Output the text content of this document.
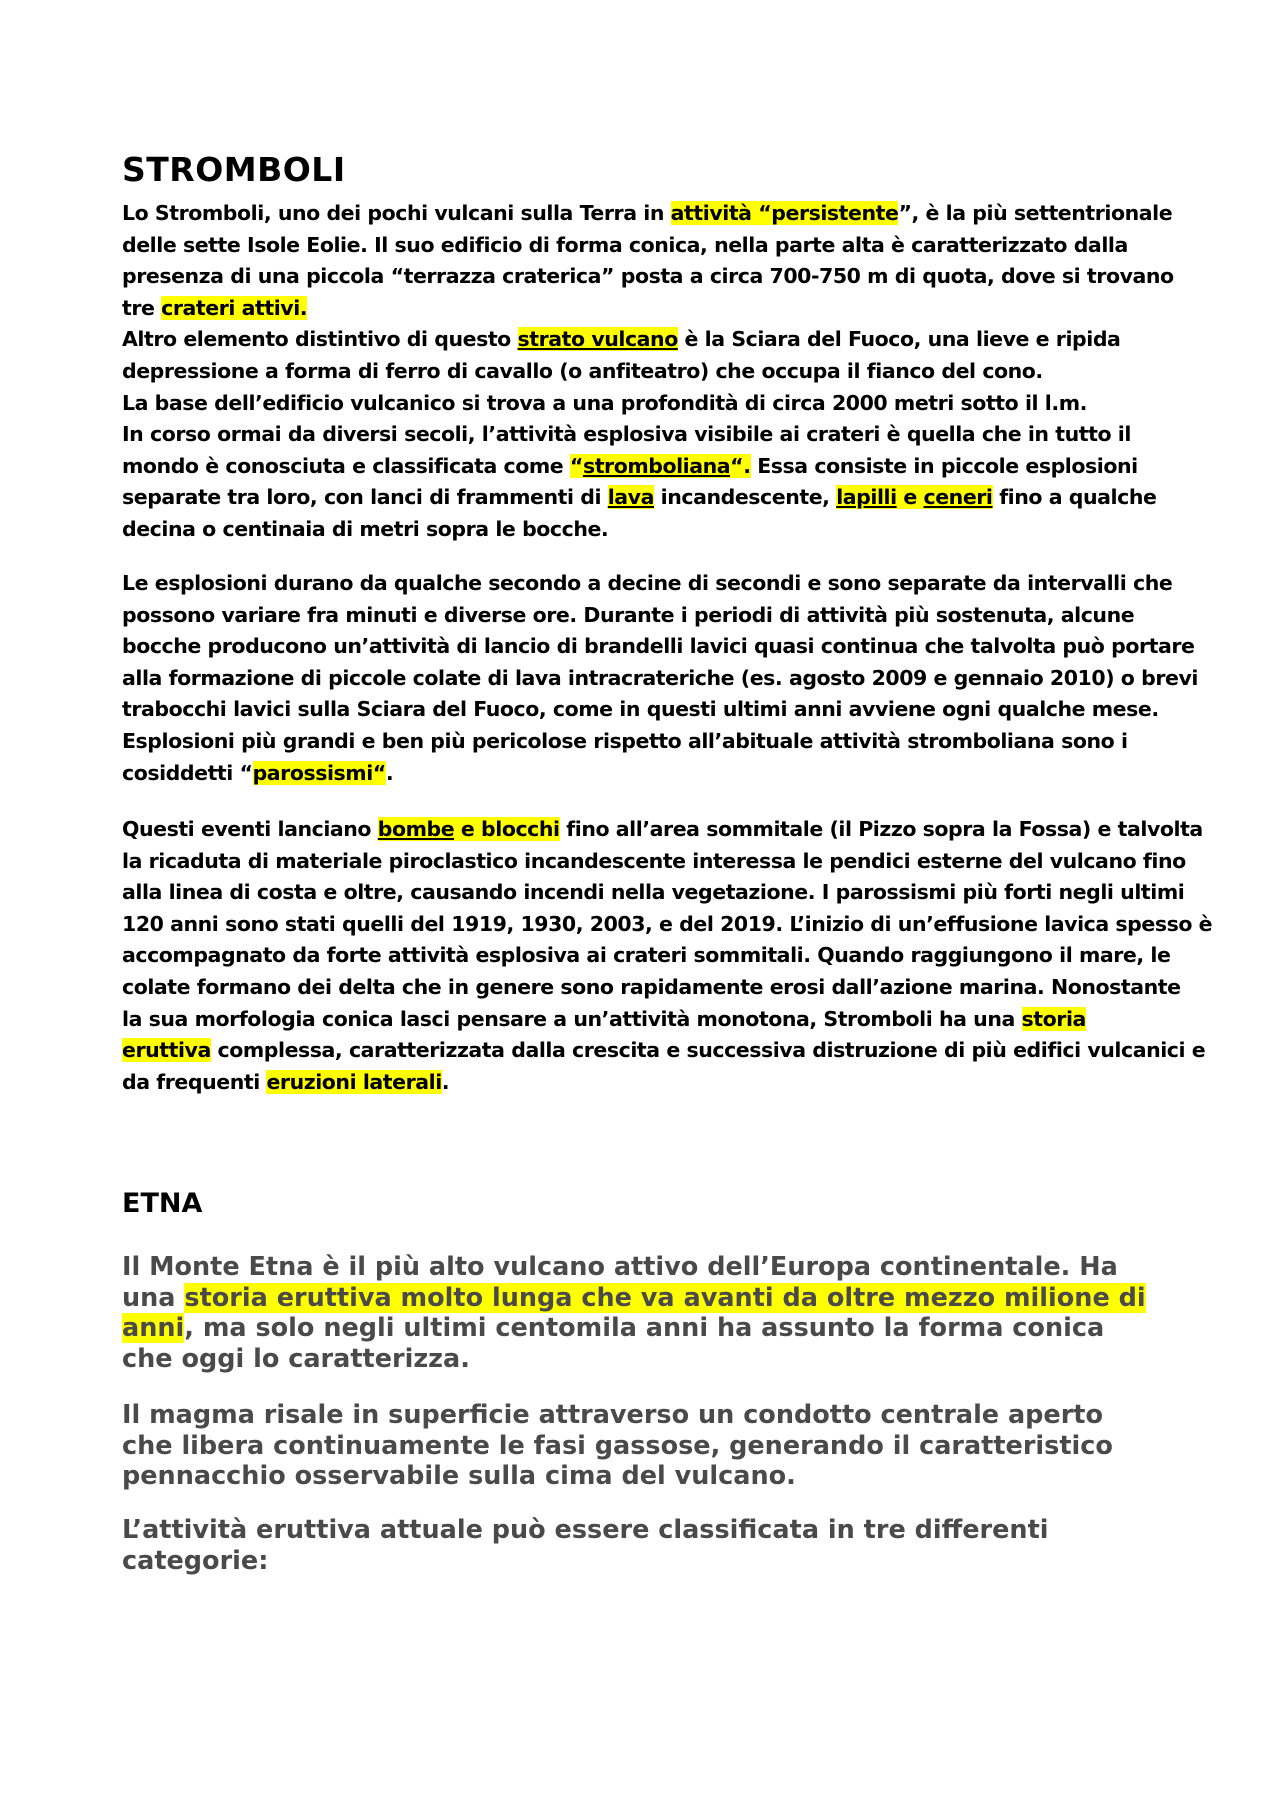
STROMBOLI
Lo Stromboli, uno dei pochi vulcani sulla Terra in attività “persistente”, è la più settentrionale
delle sette Isole Eolie. Il suo edificio di forma conica, nella parte alta è caratterizzato dalla
presenza di una piccola “terrazza craterica” posta a circa 700-750 m di quota, dove si trovano
tre crateri attivi.
Altro elemento distintivo di questo strato vulcano è la Sciara del Fuoco, una lieve e ripida
depressione a forma di ferro di cavallo (o anfiteatro) che occupa il fianco del cono.
La base dell’edificio vulcanico si trova a una profondità di circa 2000 metri sotto il l.m.
In corso ormai da diversi secoli, l’attività esplosiva visibile ai crateri è quella che in tutto il
mondo è conosciuta e classificata come “stromboliana“. Essa consiste in piccole esplosioni
separate tra loro, con lanci di frammenti di lava incandescente, lapilli e ceneri fino a qualche
decina o centinaia di metri sopra le bocche.
Le esplosioni durano da qualche secondo a decine di secondi e sono separate da intervalli che
possono variare fra minuti e diverse ore. Durante i periodi di attività più sostenuta, alcune
bocche producono un’attività di lancio di brandelli lavici quasi continua che talvolta può portare
alla formazione di piccole colate di lava intracrateriche (es. agosto 2009 e gennaio 2010) o brevi
trabocchi lavici sulla Sciara del Fuoco, come in questi ultimi anni avviene ogni qualche mese.
Esplosioni più grandi e ben più pericolose rispetto all’abituale attività stromboliana sono i
cosiddetti “parossismi“.
Questi eventi lanciano bombe e blocchi fino all’area sommitale (il Pizzo sopra la Fossa) e talvolta
la ricaduta di materiale piroclastico incandescente interessa le pendici esterne del vulcano fino
alla linea di costa e oltre, causando incendi nella vegetazione. I parossismi più forti negli ultimi
120 anni sono stati quelli del 1919, 1930, 2003, e del 2019. L’inizio di un’effusione lavica spesso è
accompagnato da forte attività esplosiva ai crateri sommitali. Quando raggiungono il mare, le
colate formano dei delta che in genere sono rapidamente erosi dall’azione marina. Nonostante
la sua morfologia conica lasci pensare a un’attività monotona, Stromboli ha una storia
eruttiva complessa, caratterizzata dalla crescita e successiva distruzione di più edifici vulcanici e
da frequenti eruzioni laterali.
ETNA
Il Monte Etna è il più alto vulcano attivo dell’Europa continentale. Ha
una storia eruttiva molto lunga che va avanti da oltre mezzo milione di
anni, ma solo negli ultimi centomila anni ha assunto la forma conica
che oggi lo caratterizza.
Il magma risale in superficie attraverso un condotto centrale aperto
che libera continuamente le fasi gassose, generando il caratteristico
pennacchio osservabile sulla cima del vulcano.
L’attività eruttiva attuale può essere classificata in tre differenti
categorie:
